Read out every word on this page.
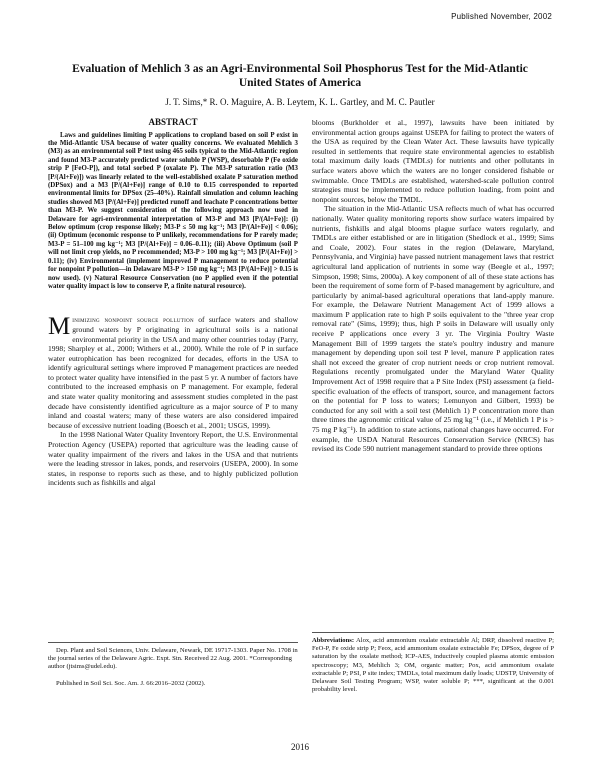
Published November, 2002
Evaluation of Mehlich 3 as an Agri-Environmental Soil Phosphorus Test for the Mid-Atlantic United States of America
J. T. Sims,* R. O. Maguire, A. B. Leytem, K. L. Gartley, and M. C. Pautler
ABSTRACT

Laws and guidelines limiting P applications to cropland based on soil P exist in the Mid-Atlantic USA because of water quality concerns. We evaluated Mehlich 3 (M3) as an environmental soil P test using 465 soils typical to the Mid-Atlantic region and found M3-P accurately predicted water soluble P (WSP), desorbable P (Fe oxide strip P [FeO-P]), and total sorbed P (oxalate P). The M3-P saturation ratio (M3 [P/(Al+Fe)]) was linearly related to the well-established oxalate P saturation method (DPSox) and a M3 [P/(Al+Fe)] range of 0.10 to 0.15 corresponded to reported environmental limits for DPSox (25–40%). Rainfall simulation and column leaching studies showed M3 [P/(Al+Fe)] predicted runoff and leachate P concentrations better than M3-P. We suggest consideration of the following approach now used in Delaware for agri-environmental interpretation of M3-P and M3 [P/(Al+Fe)]: (i) Below optimum (crop response likely; M3-P ≤ 50 mg kg⁻¹; M3 [P/(Al+Fe)] < 0.06); (ii) Optimum (economic response to P unlikely, recommendations for P rarely made; M3-P = 51–100 mg kg⁻¹; M3 [P/(Al+Fe)] = 0.06–0.11); (iii) Above Optimum (soil P will not limit crop yields, no P recommended; M3-P > 100 mg kg⁻¹; M3 [P/(Al+Fe)] > 0.11); (iv) Environmental (implement improved P management to reduce potential for nonpoint P pollution—in Delaware M3-P > 150 mg kg⁻¹; M3 [P/(Al+Fe)] > 0.15 is now used). (v) Natural Resource Conservation (no P applied even if the potential water quality impact is low to conserve P, a finite natural resource).

Minimizing nonpoint source pollution of surface waters and shallow ground waters by P originating in agricultural soils is a national environmental priority in the USA and many other countries today (Parry, 1998; Sharpley et al., 2000; Withers et al., 2000). While the role of P in surface water eutrophication has been recognized for decades, efforts in the USA to identify agricultural settings where improved P management practices are needed to protect water quality have intensified in the past 5 yr. A number of factors have contributed to the increased emphasis on P management. For example, federal and state water quality monitoring and assessment studies completed in the past decade have consistently identified agriculture as a major source of P to many inland and coastal waters; many of these waters are also considered impaired because of excessive nutrient loading (Boesch et al., 2001; USGS, 1999).

In the 1998 National Water Quality Inventory Report, the U.S. Environmental Protection Agency (USEPA) reported that agriculture was the leading cause of water quality impairment of the rivers and lakes in the USA and that nutrients were the leading stressor in lakes, ponds, and reservoirs (USEPA, 2000). In some states, in response to reports such as these, and to highly publicized pollution incidents such as fishkills and algal

blooms (Burkholder et al., 1997), lawsuits have been initiated by environmental action groups against USEPA for failing to protect the waters of the USA as required by the Clean Water Act. These lawsuits have typically resulted in settlements that require state environmental agencies to establish total maximum daily loads (TMDLs) for nutrients and other pollutants in surface waters above which the waters are no longer considered fishable or swimmable. Once TMDLs are established, watershed-scale pollution control strategies must be implemented to reduce pollution loading, from point and nonpoint sources, below the TMDL.

The situation in the Mid-Atlantic USA reflects much of what has occurred nationally. Water quality monitoring reports show surface waters impaired by nutrients, fishkills and algal blooms plague surface waters regularly, and TMDLs are either established or are in litigation (Shedlock et al., 1999; Sims and Coale, 2002). Four states in the region (Delaware, Maryland, Pennsylvania, and Virginia) have passed nutrient management laws that restrict agricultural land application of nutrients in some way (Beegle et al., 1997; Simpson, 1998; Sims, 2000a). A key component of all of these state actions has been the requirement of some form of P-based management by agriculture, and particularly by animal-based agricultural operations that land-apply manure. For example, the Delaware Nutrient Management Act of 1999 allows a maximum P application rate to high P soils equivalent to the "three year crop removal rate" (Sims, 1999); thus, high P soils in Delaware will usually only receive P applications once every 3 yr. The Virginia Poultry Waste Management Bill of 1999 targets the state's poultry industry and manure management by depending upon soil test P level, manure P application rates shall not exceed the greater of crop nutrient needs or crop nutrient removal. Regulations recently promulgated under the Maryland Water Quality Improvement Act of 1998 require that a P Site Index (PSI) assessment (a field-specific evaluation of the effects of transport, source, and management factors on the potential for P loss to waters; Lemunyon and Gilbert, 1993) be conducted for any soil with a soil test (Mehlich 1) P concentration more than three times the agronomic critical value of 25 mg kg⁻¹ (i.e., if Mehlich 1 P is > 75 mg P kg⁻¹). In addition to state actions, national changes have occurred. For example, the USDA Natural Resources Conservation Service (NRCS) has revised its Code 590 nutrient management standard to provide three options

Dep. Plant and Soil Sciences, Univ. Delaware, Newark, DE 19717-1303. Paper No. 1708 in the journal series of the Delaware Agric. Expt. Stn. Received 22 Aug. 2001. *Corresponding author (jtsims@udel.edu).

Published in Soil Sci. Soc. Am. J. 66:2016–2032 (2002).

Abbreviations: Alox, acid ammonium oxalate extractable Al; DRP, dissolved reactive P; FeO-P, Fe oxide strip P; Feox, acid ammonium oxalate extractable Fe; DPSox, degree of P saturation by the oxalate method; ICP-AES, inductively coupled plasma atomic emission spectroscopy; M3, Mehlich 3; OM, organic matter; Pox, acid ammonium oxalate extractable P; PSI, P site index; TMDLs, total maximum daily loads; UDSTP, University of Delaware Soil Testing Program; WSP, water soluble P; ***, significant at the 0.001 probability level.
2016
